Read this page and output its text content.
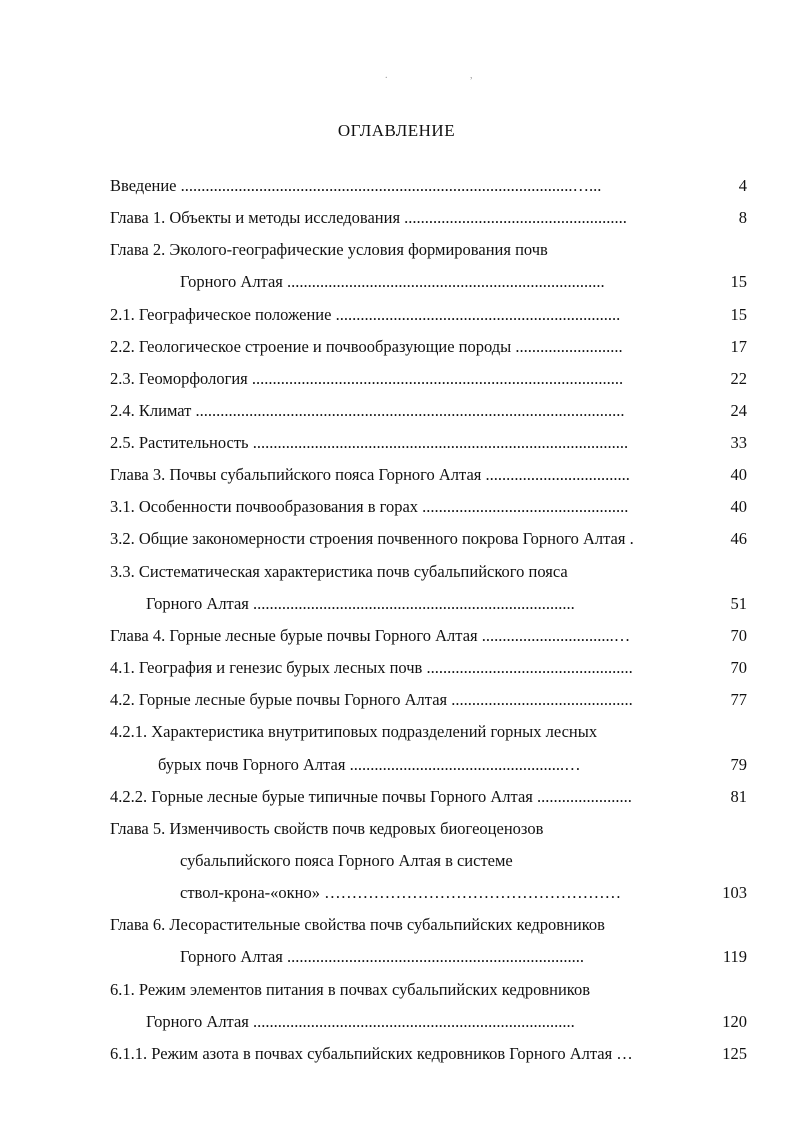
. ,
ОГЛАВЛЕНИЕ
Введение ...............................................................................................…...	4
Глава 1. Объекты и методы исследования ......................................................	8
Глава 2. Эколого-географические условия формирования почв
Горного Алтая .............................................................................	15
2.1. Географическое положение .....................................................................	15
2.2. Геологическое строение и почвообразующие породы ..........................	17
2.3. Геоморфология ..........................................................................................	22
2.4. Климат ........................................................................................................	24
2.5. Растительность ...........................................................................................	33
Глава 3. Почвы субальпийского пояса Горного Алтая ...................................	40
3.1. Особенности почвообразования в горах ..................................................	40
3.2. Общие закономерности строения почвенного покрова Горного Алтая .	46
3.3. Систематическая характеристика почв субальпийского пояса
Горного Алтая ..............................................................................	51
Глава 4. Горные лесные бурые почвы Горного Алтая ................................…	70
4.1. География и генезис бурых лесных почв ..................................................	70
4.2. Горные лесные бурые почвы Горного Алтая ............................................	77
4.2.1. Характеристика внутритиповых подразделений горных лесных
бурых почв Горного Алтая ....................................................…	79
4.2.2. Горные лесные бурые типичные почвы Горного Алтая .......................	81
Глава 5. Изменчивость свойств почв кедровых биогеоценозов
субальпийского пояса Горного Алтая в системе
ствол-крона-«окно» ………………………………………………	103
Глава 6. Лесорастительные свойства почв субальпийских кедровников
Горного Алтая ........................................................................	119
6.1. Режим элементов питания в почвах субальпийских кедровников
Горного Алтая ..............................................................................	120
6.1.1. Режим азота в почвах субальпийских кедровников Горного Алтая …	125
